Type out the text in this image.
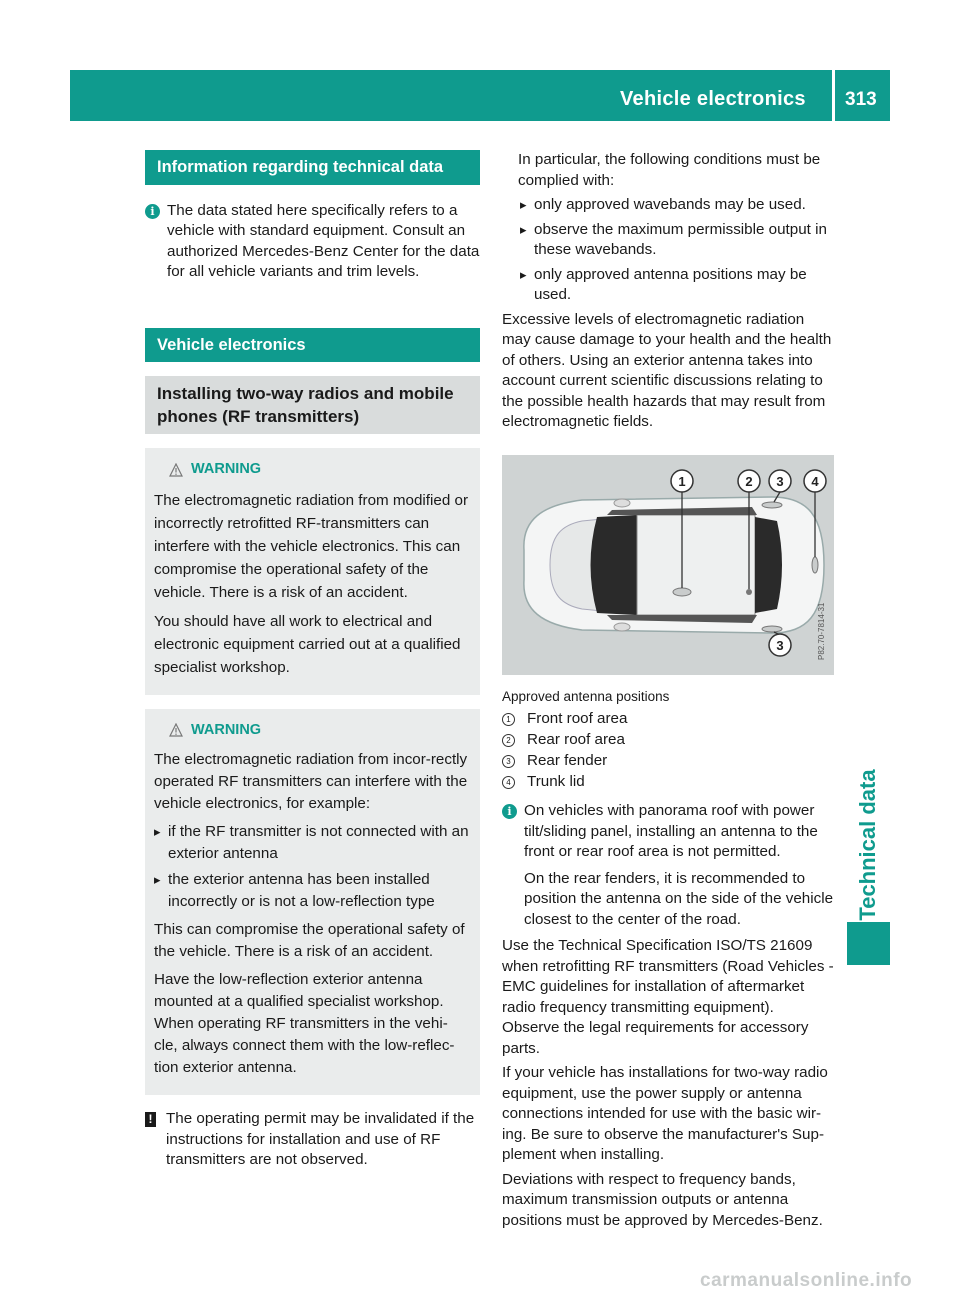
Vehicle electronics 313
Technical data
Information regarding technical data
i The data stated here specifically refers to a vehicle with standard equipment. Consult an authorized Mercedes-Benz Center for the data for all vehicle variants and trim levels.
Vehicle electronics
Installing two-way radios and mobile phones (RF transmitters)
WARNING

The electromagnetic radiation from modified or incorrectly retrofitted RF-transmitters can interfere with the vehicle electronics. This can compromise the operational safety of the vehicle. There is a risk of an accident.

You should have all work to electrical and electronic equipment carried out at a qualified specialist workshop.

WARNING

The electromagnetic radiation from incor-rectly operated RF transmitters can interfere with the vehicle electronics, for example:

▸ if the RF transmitter is not connected with an exterior antenna
▸ the exterior antenna has been installed incorrectly or is not a low-reflection type

This can compromise the operational safety of the vehicle. There is a risk of an accident.

Have the low-reflection exterior antenna mounted at a qualified specialist workshop. When operating RF transmitters in the vehi-cle, always connect them with the low-reflec-tion exterior antenna.

! The operating permit may be invalidated if the instructions for installation and use of RF transmitters are not observed.

In particular, the following conditions must be complied with:

▸ only approved wavebands may be used.
▸ observe the maximum permissible output in these wavebands.
▸ only approved antenna positions may be used.

Excessive levels of electromagnetic radiation may cause damage to your health and the health of others. Using an exterior antenna takes into account current scientific discussions relating to the possible health hazards that may result from electromagnetic fields.

1	2 3 4
3	P82.70-7814-31

Approved antenna positions

1 Front roof area
2 Rear roof area
3 Rear fender
4 Trunk lid
i On vehicles with panorama roof with power tilt/sliding panel, installing an antenna to the front or rear roof area is not permitted.

On the rear fenders, it is recommended to position the antenna on the side of the vehicle closest to the center of the road.

Use the Technical Specification ISO/TS 21609 when retrofitting RF transmitters (Road Vehicles - EMC guidelines for installation of aftermarket radio frequency transmitting equipment).

Observe the legal requirements for accessory parts.

If your vehicle has installations for two-way radio equipment, use the power supply or antenna connections intended for use with the basic wir-ing. Be sure to observe the manufacturer's Sup-plement when installing.

Deviations with respect to frequency bands, maximum transmission outputs or antenna positions must be approved by Mercedes-Benz.

carmanualsonline.info
